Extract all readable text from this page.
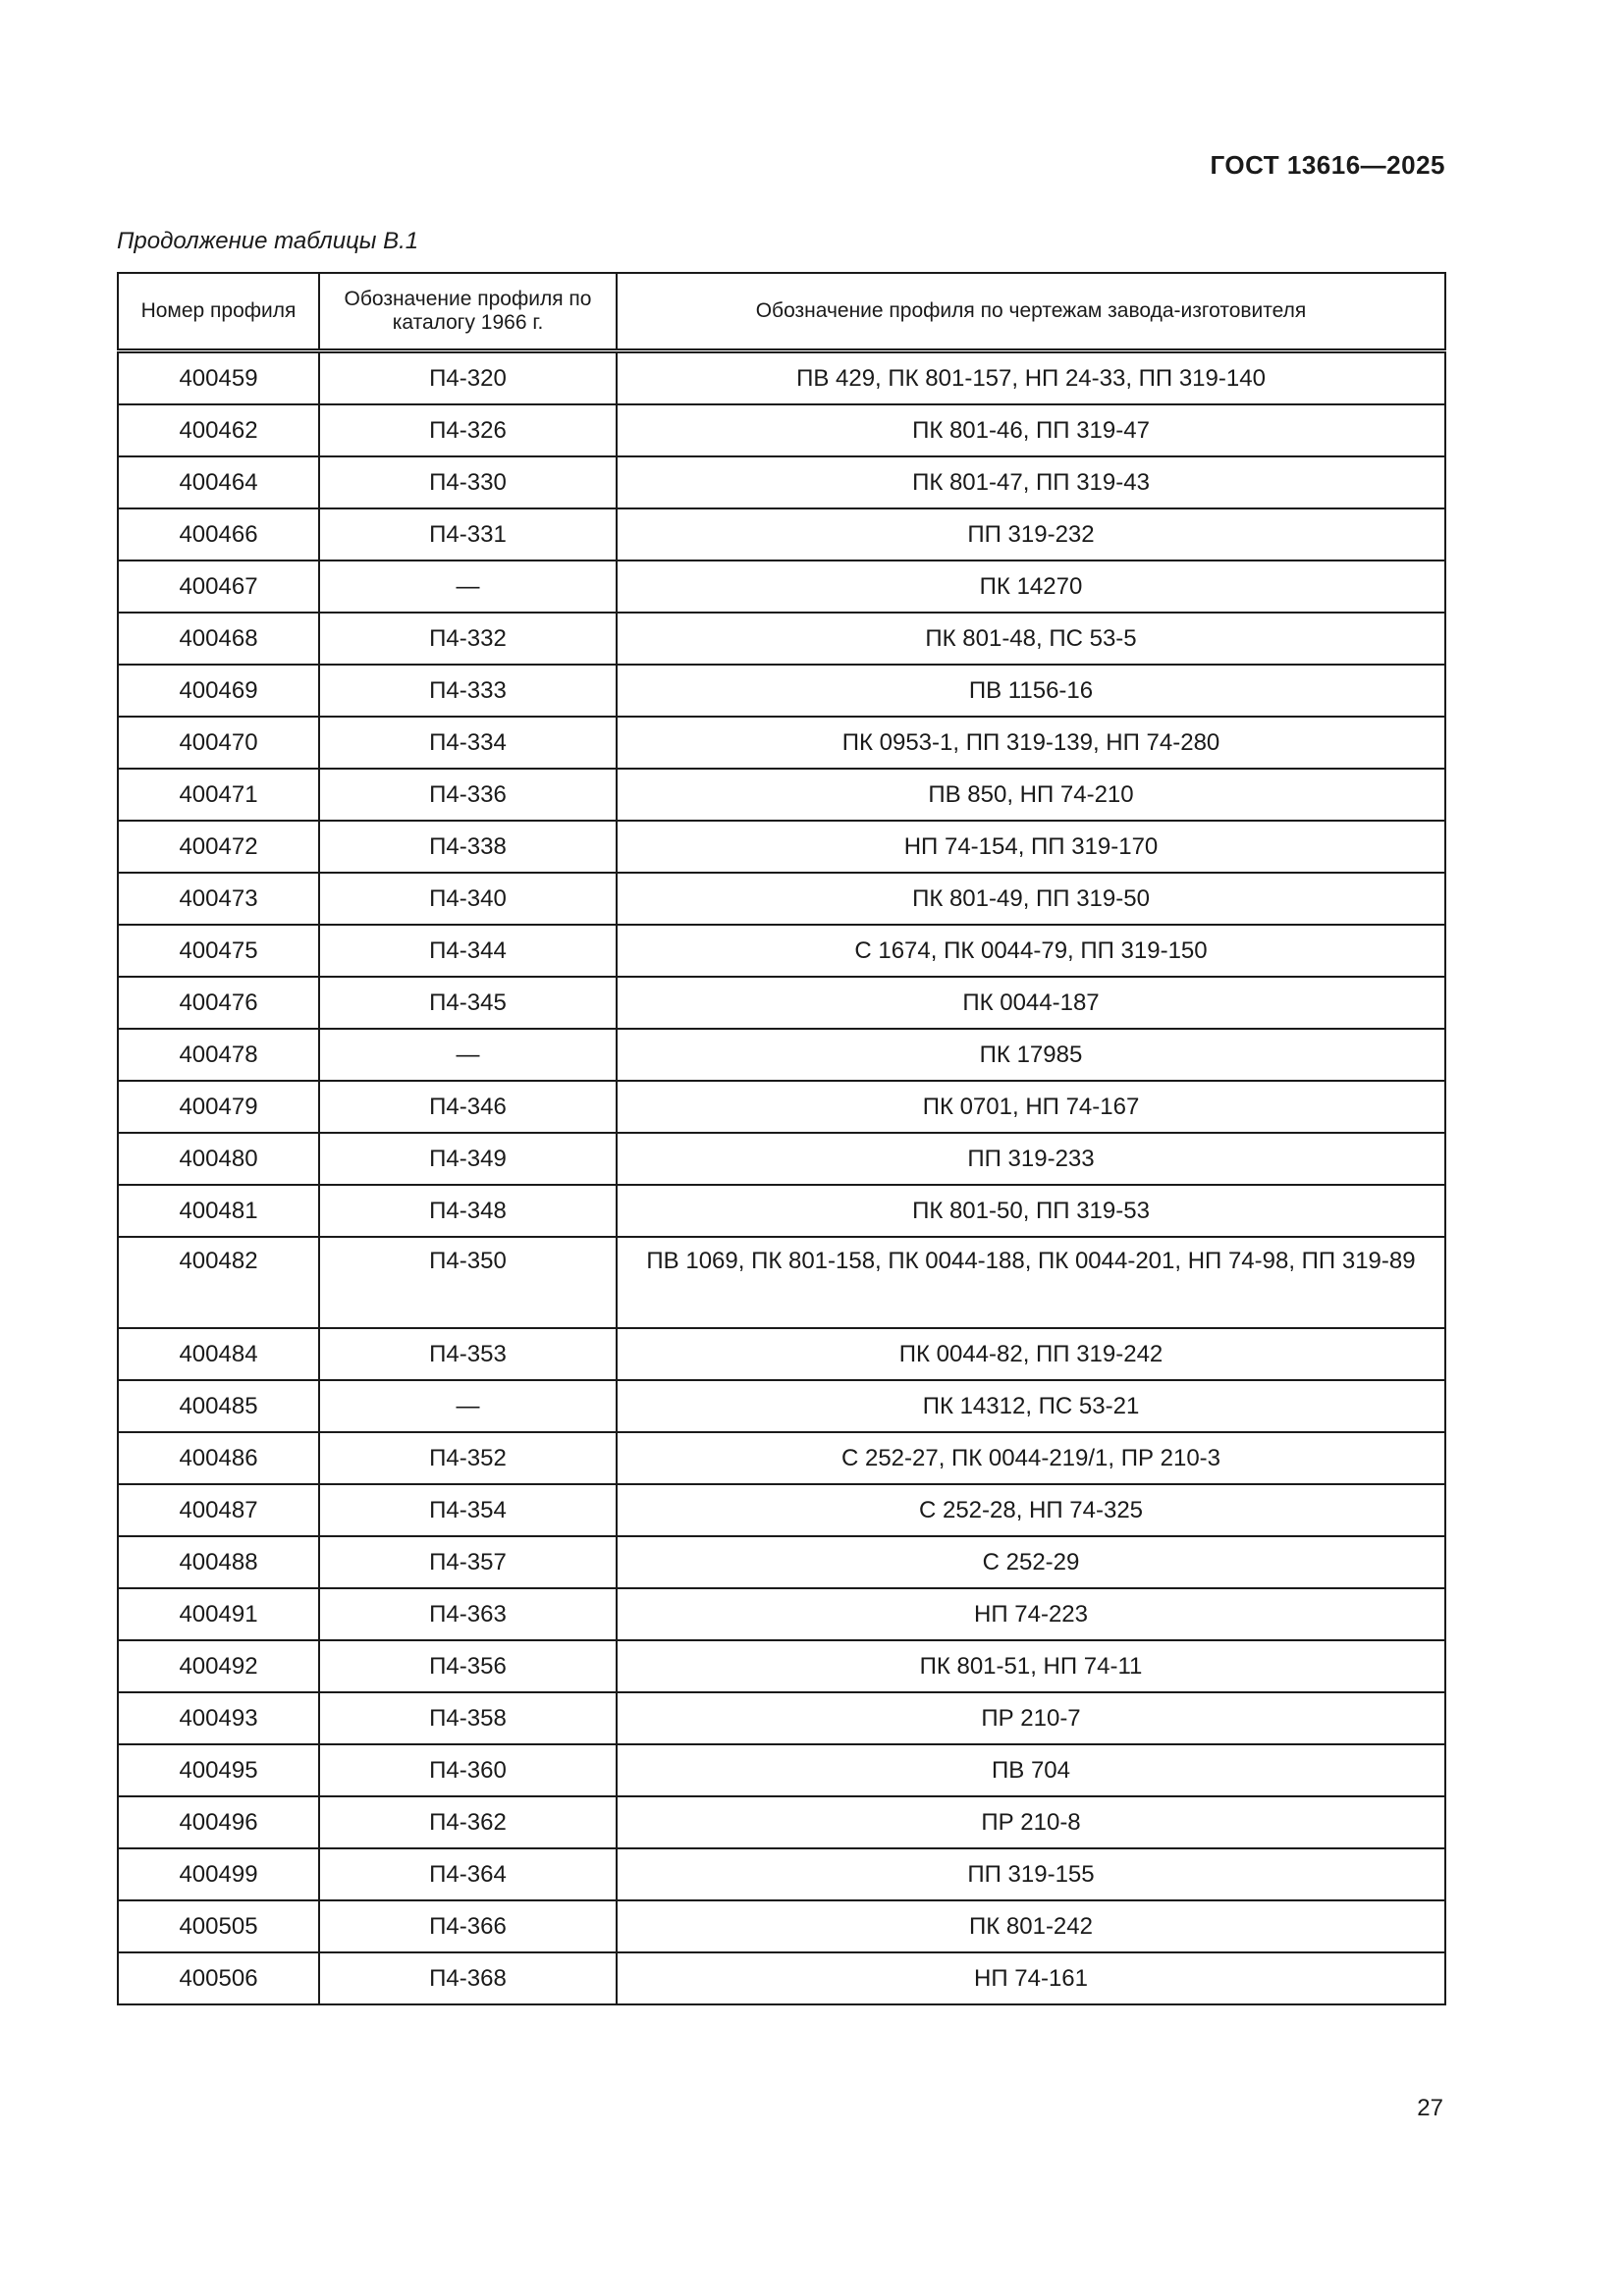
ГОСТ 13616—2025
Продолжение таблицы В.1
Номер профиля	Обозначение профиля по каталогу 1966 г.	Обозначение профиля по чертежам завода-изготовителя
400459	П4-320	ПВ 429, ПК 801-157, НП 24-33, ПП 319-140
400462	П4-326	ПК 801-46, ПП 319-47
400464	П4-330	ПК 801-47, ПП 319-43
400466	П4-331	ПП 319-232
400467	—	ПК 14270
400468	П4-332	ПК 801-48, ПС 53-5
400469	П4-333	ПВ 1156-16
400470	П4-334	ПК 0953-1, ПП 319-139, НП 74-280
400471	П4-336	ПВ 850, НП 74-210
400472	П4-338	НП 74-154, ПП 319-170
400473	П4-340	ПК 801-49, ПП 319-50
400475	П4-344	С 1674, ПК 0044-79, ПП 319-150
400476	П4-345	ПК 0044-187
400478	—	ПК 17985
400479	П4-346	ПК 0701, НП 74-167
400480	П4-349	ПП 319-233
400481	П4-348	ПК 801-50, ПП 319-53
400482	П4-350	ПВ 1069, ПК 801-158, ПК 0044-188, ПК 0044-201, НП 74-98, ПП 319-89
400484	П4-353	ПК 0044-82, ПП 319-242
400485	—	ПК 14312, ПС 53-21
400486	П4-352	С 252-27, ПК 0044-219/1, ПР 210-3
400487	П4-354	С 252-28, НП 74-325
400488	П4-357	С 252-29
400491	П4-363	НП 74-223
400492	П4-356	ПК 801-51, НП 74-11
400493	П4-358	ПР 210-7
400495	П4-360	ПВ 704
400496	П4-362	ПР 210-8
400499	П4-364	ПП 319-155
400505	П4-366	ПК 801-242
400506	П4-368	НП 74-161
27
